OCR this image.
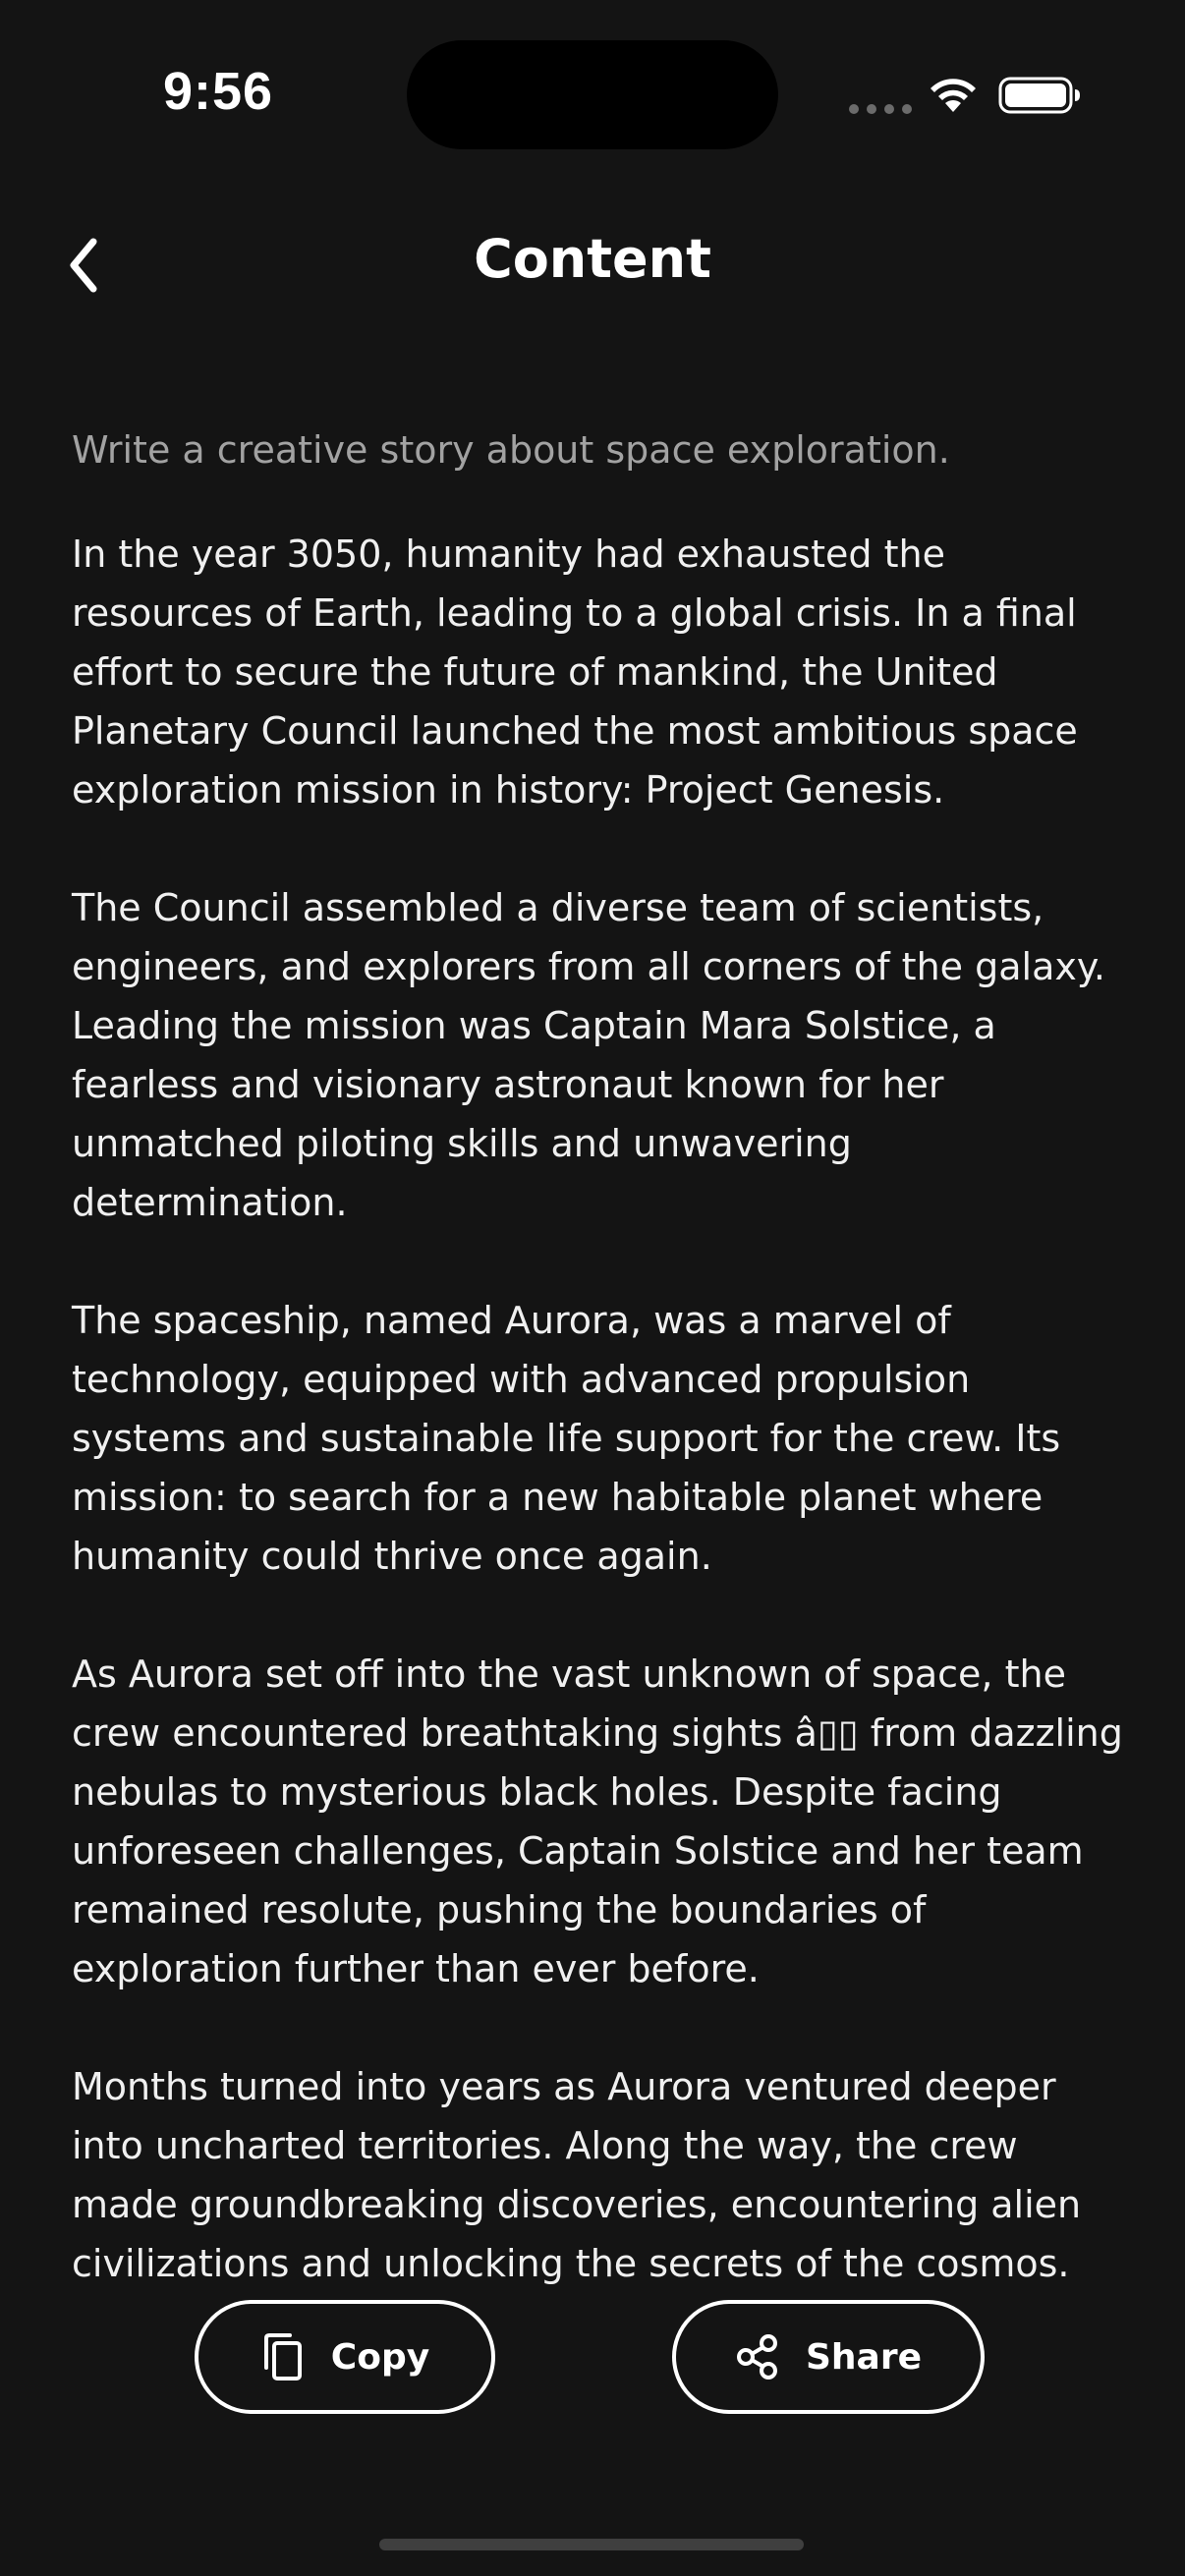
9:56
Content
Write a creative story about space exploration.

In the year 3050, humanity had exhausted the resources of Earth, leading to a global crisis. In a final effort to secure the future of mankind, the United Planetary Council launched the most ambitious space exploration mission in history: Project Genesis.

The Council assembled a diverse team of scientists, engineers, and explorers from all corners of the galaxy. Leading the mission was Captain Mara Solstice, a fearless and visionary astronaut known for her unmatched piloting skills and unwavering determination.

The spaceship, named Aurora, was a marvel of technology, equipped with advanced propulsion systems and sustainable life support for the crew. Its mission: to search for a new habitable planet where humanity could thrive once again.

As Aurora set off into the vast unknown of space, the crew encountered breathtaking sights â▯▯ from dazzling nebulas to mysterious black holes. Despite facing unforeseen challenges, Captain Solstice and her team remained resolute, pushing the boundaries of exploration further than ever before.

Months turned into years as Aurora ventured deeper into uncharted territories. Along the way, the crew made groundbreaking discoveries, encountering alien civilizations and unlocking the secrets of the cosmos.

Copy	Share
